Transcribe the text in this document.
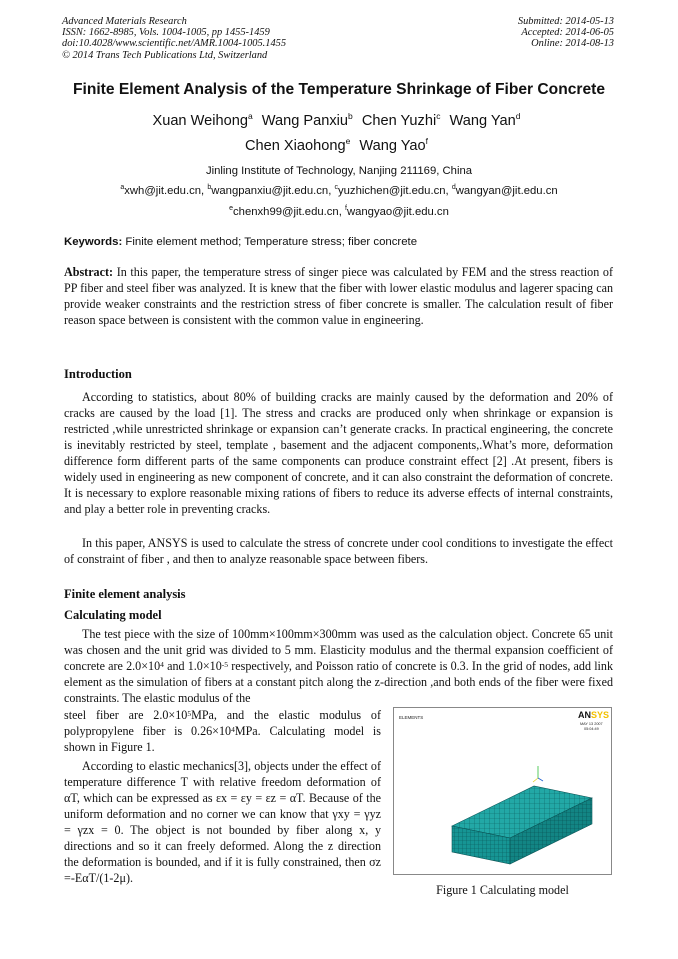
Advanced Materials Research
ISSN: 1662-8985, Vols. 1004-1005, pp 1455-1459
doi:10.4028/www.scientific.net/AMR.1004-1005.1455
© 2014 Trans Tech Publications Ltd, Switzerland
Submitted: 2014-05-13
Accepted: 2014-06-05
Online: 2014-08-13
Finite Element Analysis of the Temperature Shrinkage of Fiber Concrete
Xuan Weihong$^a$ Wang Panxiu$^b$ Chen Yuzhi$^c$ Wang Yan$^d$
Chen Xiaohong$^e$ Wang Yao$^f$
Jinling Institute of Technology, Nanjing 211169, China
$^a$xwh@jit.edu.cn, $^b$wangpanxiu@jit.edu.cn, $^c$yuzhichen@jit.edu.cn, $^d$wangyan@jit.edu.cn
$^e$chenxh99@jit.edu.cn, $^f$wangyao@jit.edu.cn
Keywords: Finite element method; Temperature stress; fiber concrete
Abstract: In this paper, the temperature stress of singer piece was calculated by FEM and the stress reaction of PP fiber and steel fiber was analyzed. It is knew that the fiber with lower elastic modulus and lagerer spacing can provide weaker constraints and the restriction stress of fiber concrete is smaller. The calculation result of fiber reason space between is consistent with the common value in engineering.
Introduction
According to statistics, about 80% of building cracks are mainly caused by the deformation and 20% of cracks are caused by the load [1]. The stress and cracks are produced only when shrinkage or expansion is restricted ,while unrestricted shrinkage or expansion can’t generate cracks. In practical engineering, the concrete is inevitably restricted by steel, template , basement and the adjacent components,.What’s more, deformation difference form different parts of the same components can produce constraint effect [2] .At present, fibers is widely used in engineering as new component of concrete, and it can also constraint the deformation of concrete. It is necessary to explore reasonable mixing rations of fibers to reduce its adverse effects of internal constraints, and play a better role in preventing cracks.
In this paper, ANSYS is used to calculate the stress of concrete under cool conditions to investigate the effect of constraint of fiber , and then to analyze reasonable space between fibers.
Finite element analysis
Calculating model
The test piece with the size of 100mm×100mm×300mm was used as the calculation object. Concrete 65 unit was chosen and the unit grid was divided to 5 mm. Elasticity modulus and the thermal expansion coefficient of concrete are $2.0\times 10^4$ and $1.0\times 10^{-5}$ respectively, and Poisson ratio of concrete is 0.3. In the grid of nodes, add link element as the simulation of fibers at a constant pitch along the z-direction ,and both ends of the fiber were fixed constraints. The elastic modulus of the
steel fiber are $2.0\times 10^5MPa$, and the elastic modulus of polypropylene fiber is $0.26\times 10^4MPa$. Calculating model is shown in Figure 1.
According to elastic mechanics[3], objects under the effect of temperature difference T with relative freedom deformation of αT, which can be expressed as εx = εy = εz = αT. Because of the uniform deformation and no corner we can know that γxy = γyz = γzx = 0. The object is not bounded by fiber along x, y directions and so it can freely deformed. Along the z direction the deformation is bounded, and if it is fully constrained, then σz =-EαT/(1-2μ).
ELEMENTS	ANSYS
MAY 13 2007
05:04:49
Figure 1 Calculating model
